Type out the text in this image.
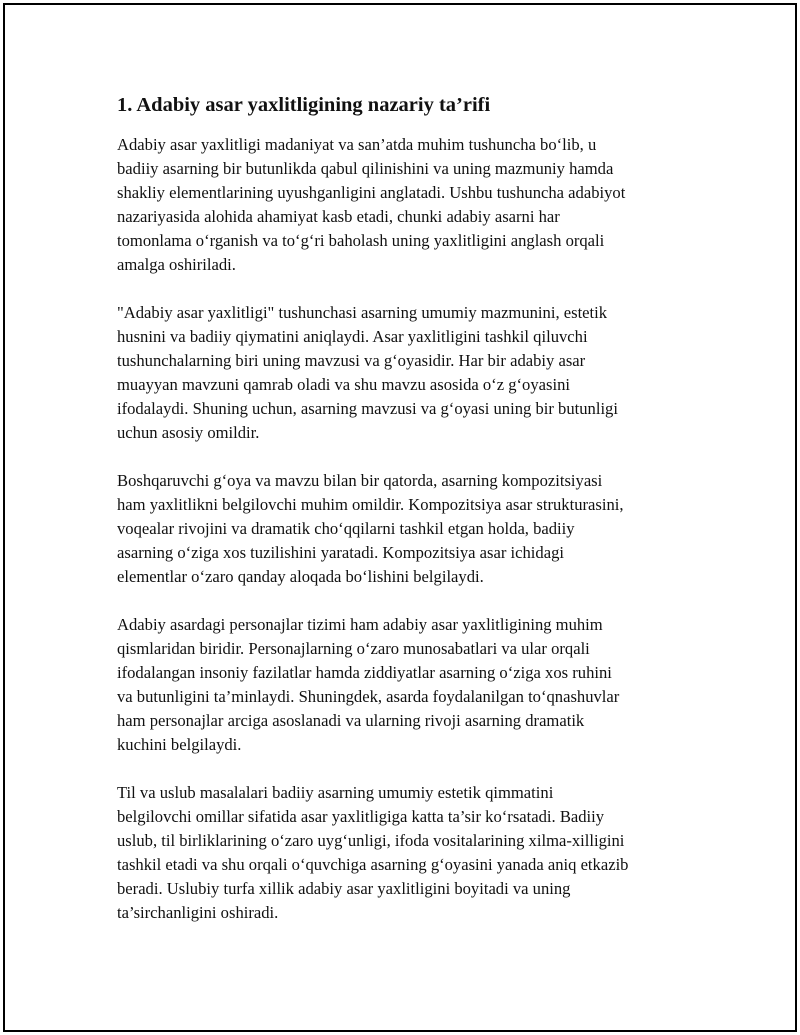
1. Adabiy asar yaxlitligining nazariy ta’rifi

Adabiy asar yaxlitligi madaniyat va san’atda muhim tushuncha boʻlib, u
badiiy asarning bir butunlikda qabul qilinishini va uning mazmuniy hamda
shakliy elementlarining uyushganligini anglatadi. Ushbu tushuncha adabiyot
nazariyasida alohida ahamiyat kasb etadi, chunki adabiy asarni har
tomonlama oʻrganish va toʻgʻri baholash uning yaxlitligini anglash orqali
amalga oshiriladi.

"Adabiy asar yaxlitligi" tushunchasi asarning umumiy mazmunini, estetik
husnini va badiiy qiymatini aniqlaydi. Asar yaxlitligini tashkil qiluvchi
tushunchalarning biri uning mavzusi va gʻoyasidir. Har bir adabiy asar
muayyan mavzuni qamrab oladi va shu mavzu asosida oʻz gʻoyasini
ifodalaydi. Shuning uchun, asarning mavzusi va gʻoyasi uning bir butunligi
uchun asosiy omildir.

Boshqaruvchi gʻoya va mavzu bilan bir qatorda, asarning kompozitsiyasi
ham yaxlitlikni belgilovchi muhim omildir. Kompozitsiya asar strukturasini,
voqealar rivojini va dramatik choʻqqilarni tashkil etgan holda, badiiy
asarning oʻziga xos tuzilishini yaratadi. Kompozitsiya asar ichidagi
elementlar oʻzaro qanday aloqada boʻlishini belgilaydi.

Adabiy asardagi personajlar tizimi ham adabiy asar yaxlitligining muhim
qismlaridan biridir. Personajlarning oʻzaro munosabatlari va ular orqali
ifodalangan insoniy fazilatlar hamda ziddiyatlar asarning oʻziga xos ruhini
va butunligini ta’minlaydi. Shuningdek, asarda foydalanilgan toʻqnashuvlar
ham personajlar arciga asoslanadi va ularning rivoji asarning dramatik
kuchini belgilaydi.

Til va uslub masalalari badiiy asarning umumiy estetik qimmatini
belgilovchi omillar sifatida asar yaxlitligiga katta ta’sir koʻrsatadi. Badiiy
uslub, til birliklarining oʻzaro uygʻunligi, ifoda vositalarining xilma-xilligini
tashkil etadi va shu orqali oʻquvchiga asarning gʻoyasini yanada aniq etkazib
beradi. Uslubiy turfa xillik adabiy asar yaxlitligini boyitadi va uning
ta’sirchanligini oshiradi.
